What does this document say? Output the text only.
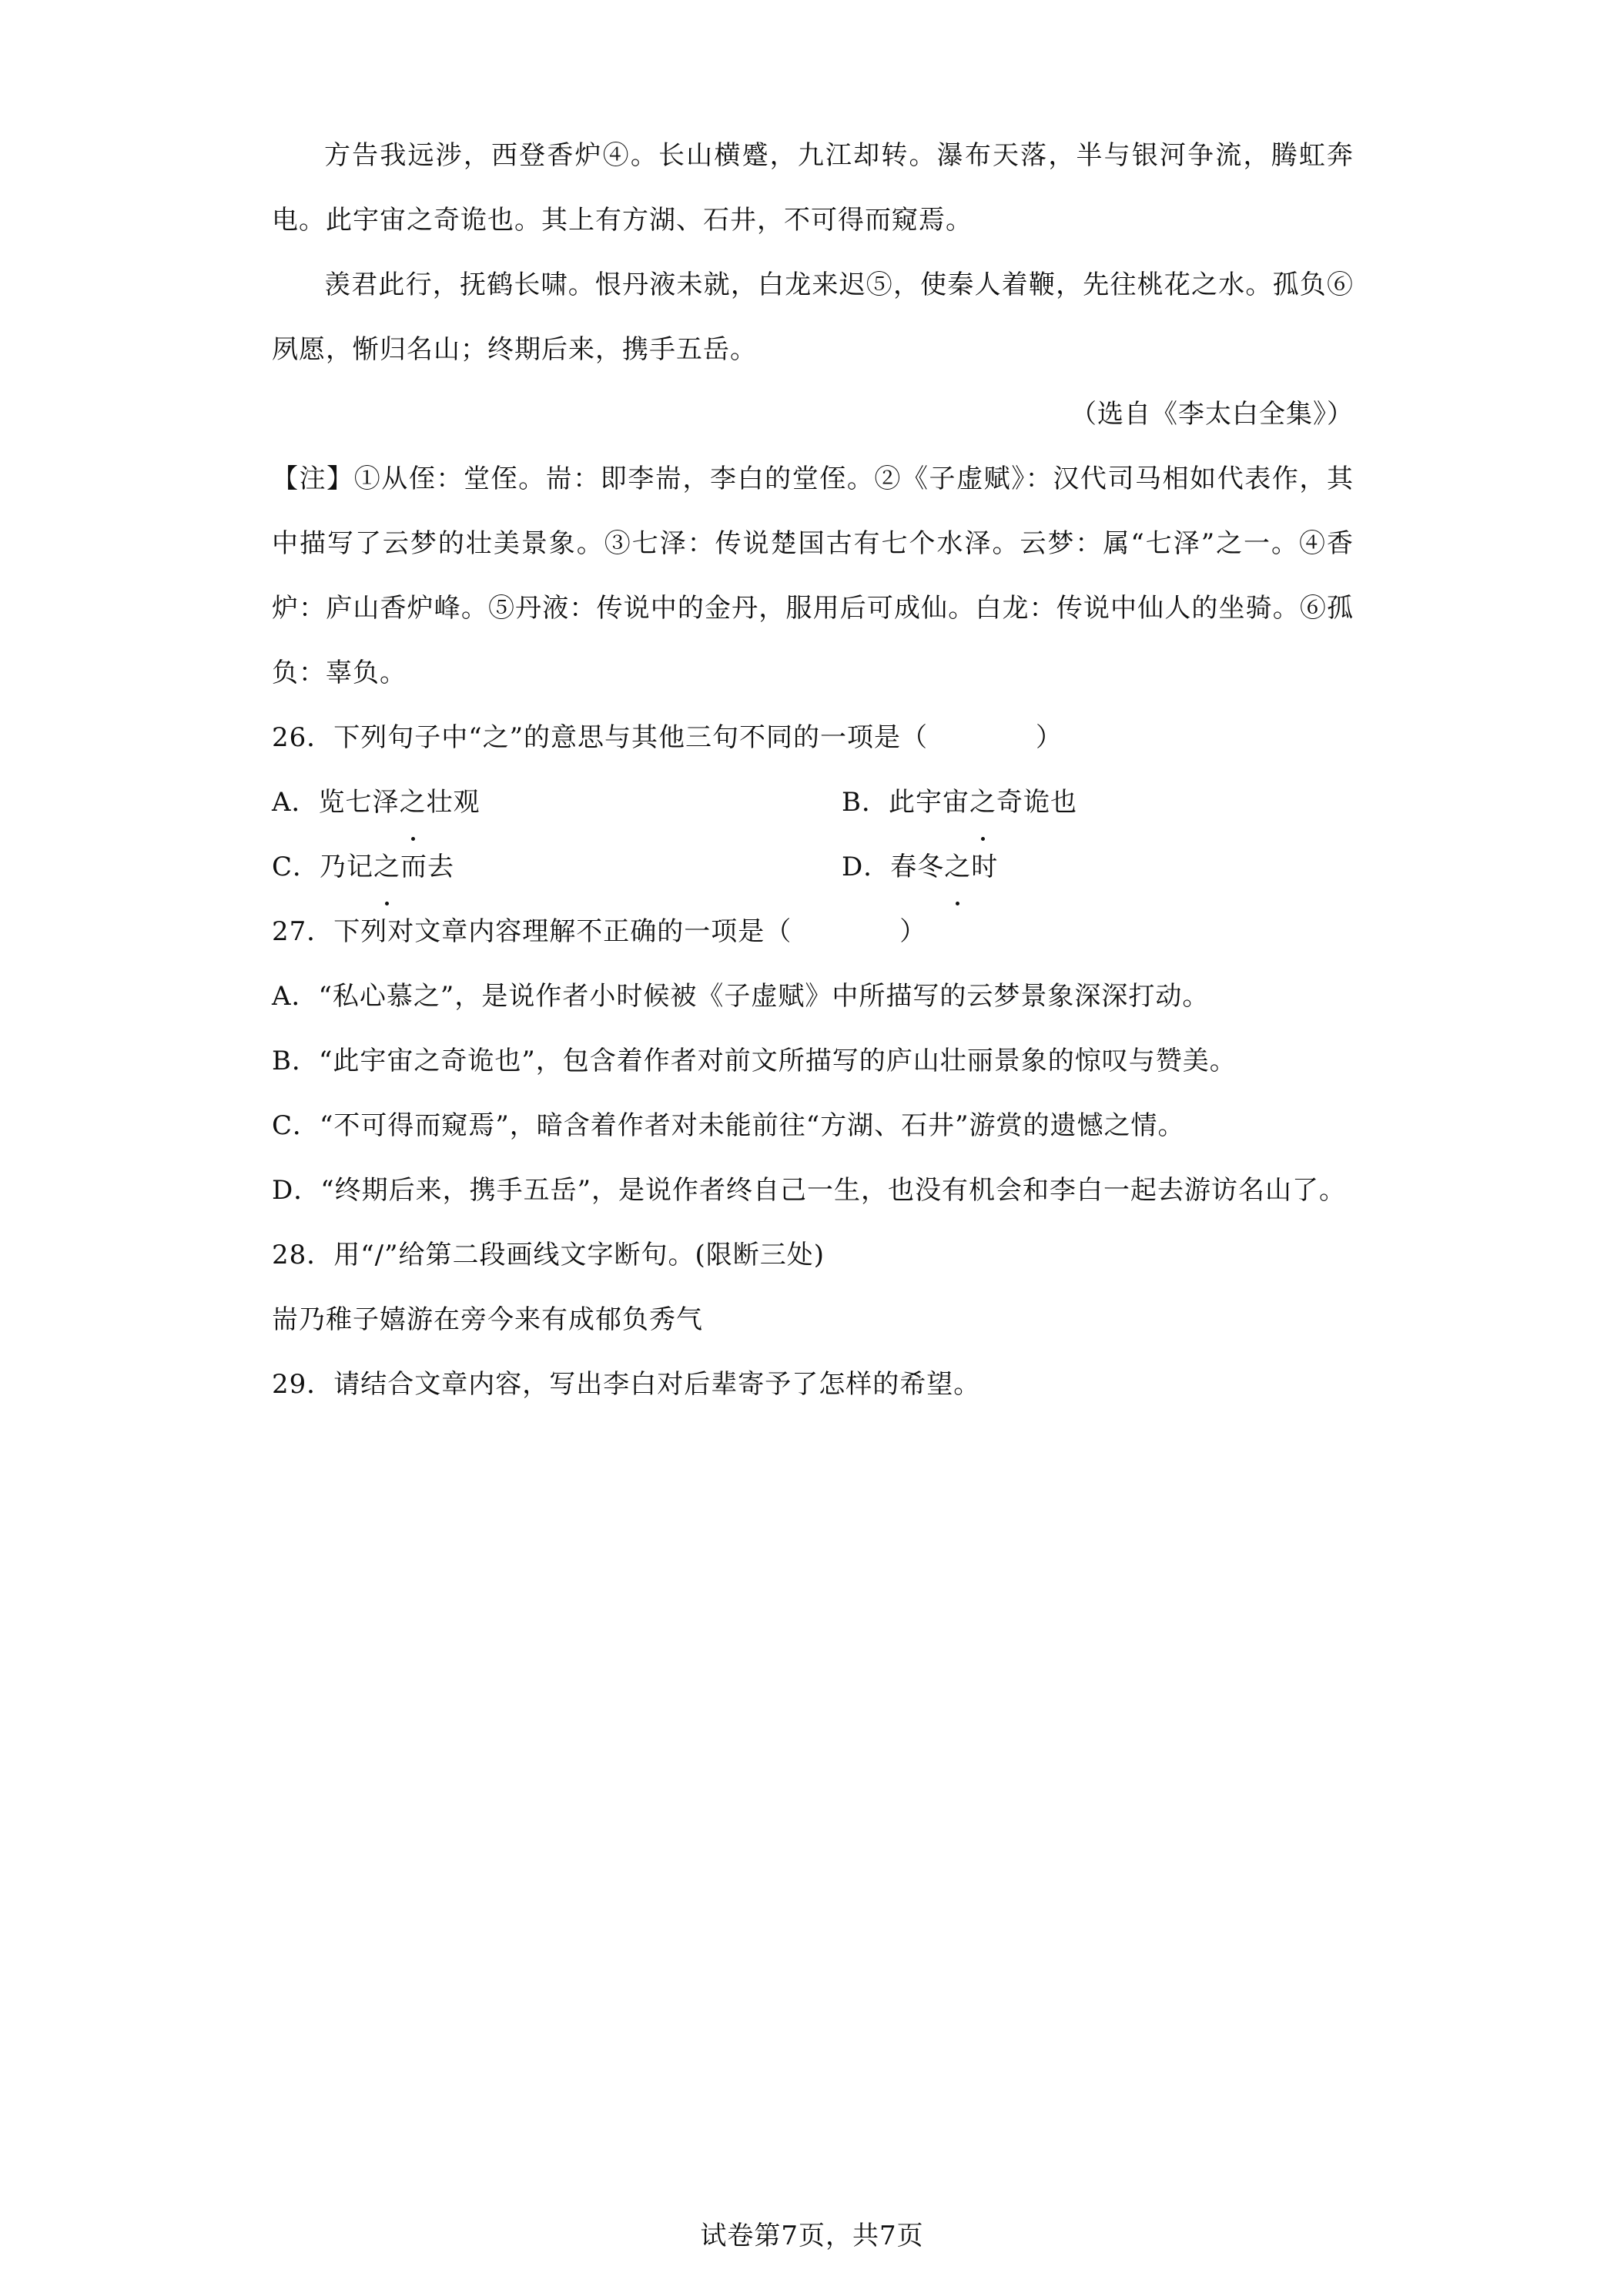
方告我远涉，西登香炉④。长山横蹙，九江却转。瀑布天落，半与银河争流，腾虹奔电。此宇宙之奇诡也。其上有方湖、石井，不可得而窥焉。

羡君此行，抚鹤长啸。恨丹液未就，白龙来迟⑤，使秦人着鞭，先往桃花之水。孤负⑥夙愿，惭归名山；终期后来，携手五岳。

（选自《李太白全集》）

【注】①从侄：堂侄。耑：即李耑，李白的堂侄。②《子虚赋》：汉代司马相如代表作，其中描写了云梦的壮美景象。③七泽：传说楚国古有七个水泽。云梦：属“七泽”之一。④香炉：庐山香炉峰。⑤丹液：传说中的金丹，服用后可成仙。白龙：传说中仙人的坐骑。⑥孤负：辜负。

26．下列句子中“之”的意思与其他三句不同的一项是（　　　　）

A．览七泽之壮观	B．此宇宙之奇诡也
C．乃记之而去	D．春冬之时

27．下列对文章内容理解不正确的一项是（　　　　）

A．“私心慕之”，是说作者小时候被《子虚赋》中所描写的云梦景象深深打动。

B．“此宇宙之奇诡也”，包含着作者对前文所描写的庐山壮丽景象的惊叹与赞美。

C．“不可得而窥焉”，暗含着作者对未能前往“方湖、石井”游赏的遗憾之情。

D．“终期后来，携手五岳”，是说作者终自己一生，也没有机会和李白一起去游访名山了。

28．用“/”给第二段画线文字断句。(限断三处)

耑乃稚子嬉游在旁今来有成郁负秀气

29．请结合文章内容，写出李白对后辈寄予了怎样的希望。

试卷第7页，共7页
